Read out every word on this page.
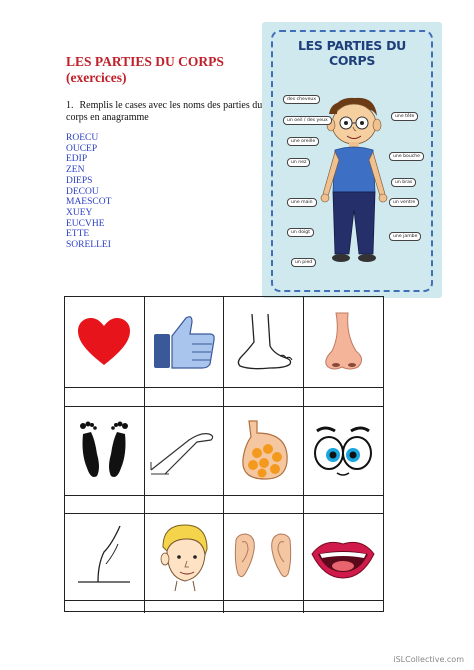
LES PARTIES DU CORPS
(exercices)
1. Remplis le cases avec les noms des parties du corps en anagramme
ROECU
OUCEP
EDIP
ZEN
DIEPS
DECOU
MAESCOT
XUEY
EUCVHE
ETTE
SORELLEI
LES PARTIES DU CORPS
des cheveux
une tête
un oeil / des yeux
une oreille
une bouche
un nez
un bras
une main	un ventre
un doigt
une jambe
un pied
iSLCollective.com
